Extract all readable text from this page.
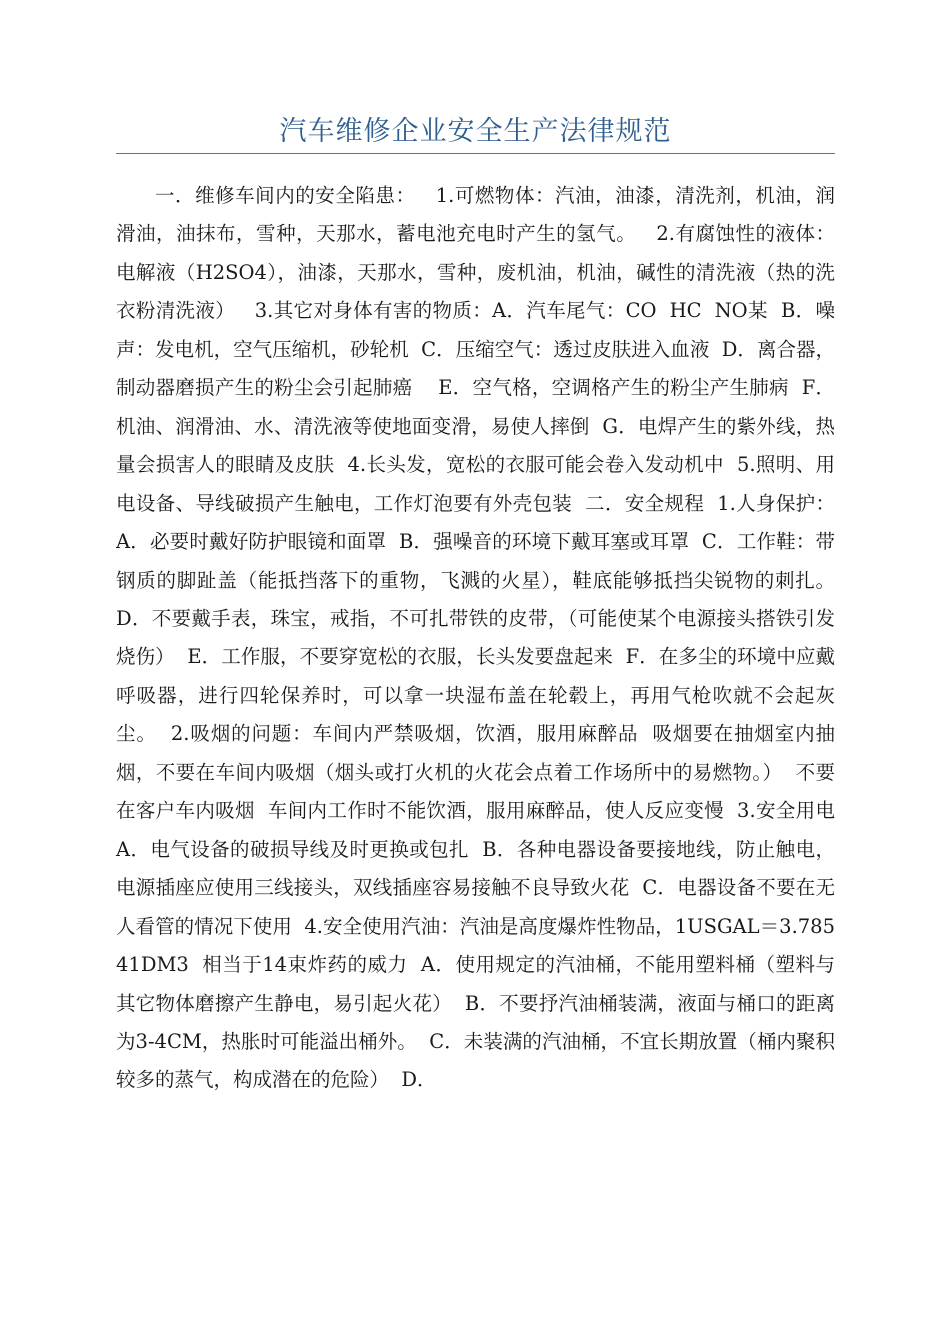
汽车维修企业安全生产法律规范

一．维修车间内的安全陷患：   1.可燃物体：汽油，油漆，清洗剂，机油，润滑油，油抹布，雪种，天那水，蓄电池充电时产生的氢气。   2.有腐蚀性的液体：电解液（H2SO4），油漆，天那水，雪种，废机油，机油，碱性的清洗液（热的洗衣粉清洗液）   3.其它对身体有害的物质：A．汽车尾气：CO  HC  NO某  B．噪声：发电机，空气压缩机，砂轮机  C．压缩空气：透过皮肤进入血液  D．离合器，制动器磨损产生的粉尘会引起肺癌    E．空气格，空调格产生的粉尘产生肺病  F．机油、润滑油、水、清洗液等使地面变滑，易使人摔倒  G．电焊产生的紫外线，热量会损害人的眼睛及皮肤  4.长头发，宽松的衣服可能会卷入发动机中  5.照明、用电设备、导线破损产生触电，工作灯泡要有外壳包装  二．安全规程  1.人身保护：  A．必要时戴好防护眼镜和面罩  B．强噪音的环境下戴耳塞或耳罩  C．工作鞋：带钢质的脚趾盖（能抵挡落下的重物，飞溅的火星），鞋底能够抵挡尖锐物的刺扎。   D．不要戴手表，珠宝，戒指，不可扎带铁的皮带，（可能使某个电源接头搭铁引发烧伤）  E．工作服，不要穿宽松的衣服，长头发要盘起来  F．在多尘的环境中应戴呼吸器，进行四轮保养时，可以拿一块湿布盖在轮毂上，再用气枪吹就不会起灰尘。  2.吸烟的问题：车间内严禁吸烟，饮酒，服用麻醉品  吸烟要在抽烟室内抽烟，不要在车间内吸烟（烟头或打火机的火花会点着工作场所中的易燃物。）  不要在客户车内吸烟  车间内工作时不能饮酒，服用麻醉品，使人反应变慢  3.安全用电  A．电气设备的破损导线及时更换或包扎  B．各种电器设备要接地线，防止触电，电源插座应使用三线接头，双线插座容易接触不良导致火花  C．电器设备不要在无人看管的情况下使用  4.安全使用汽油：汽油是高度爆炸性物品，1USGAL＝3.78541DM3  相当于14束炸药的威力  A．使用规定的汽油桶，不能用塑料桶（塑料与其它物体磨擦产生静电，易引起火花）  B．不要抒汽油桶装满，液面与桶口的距离为3-4CM，热胀时可能溢出桶外。  C．未装满的汽油桶，不宜长期放置（桶内聚积较多的蒸气，构成潜在的危险）  D．
